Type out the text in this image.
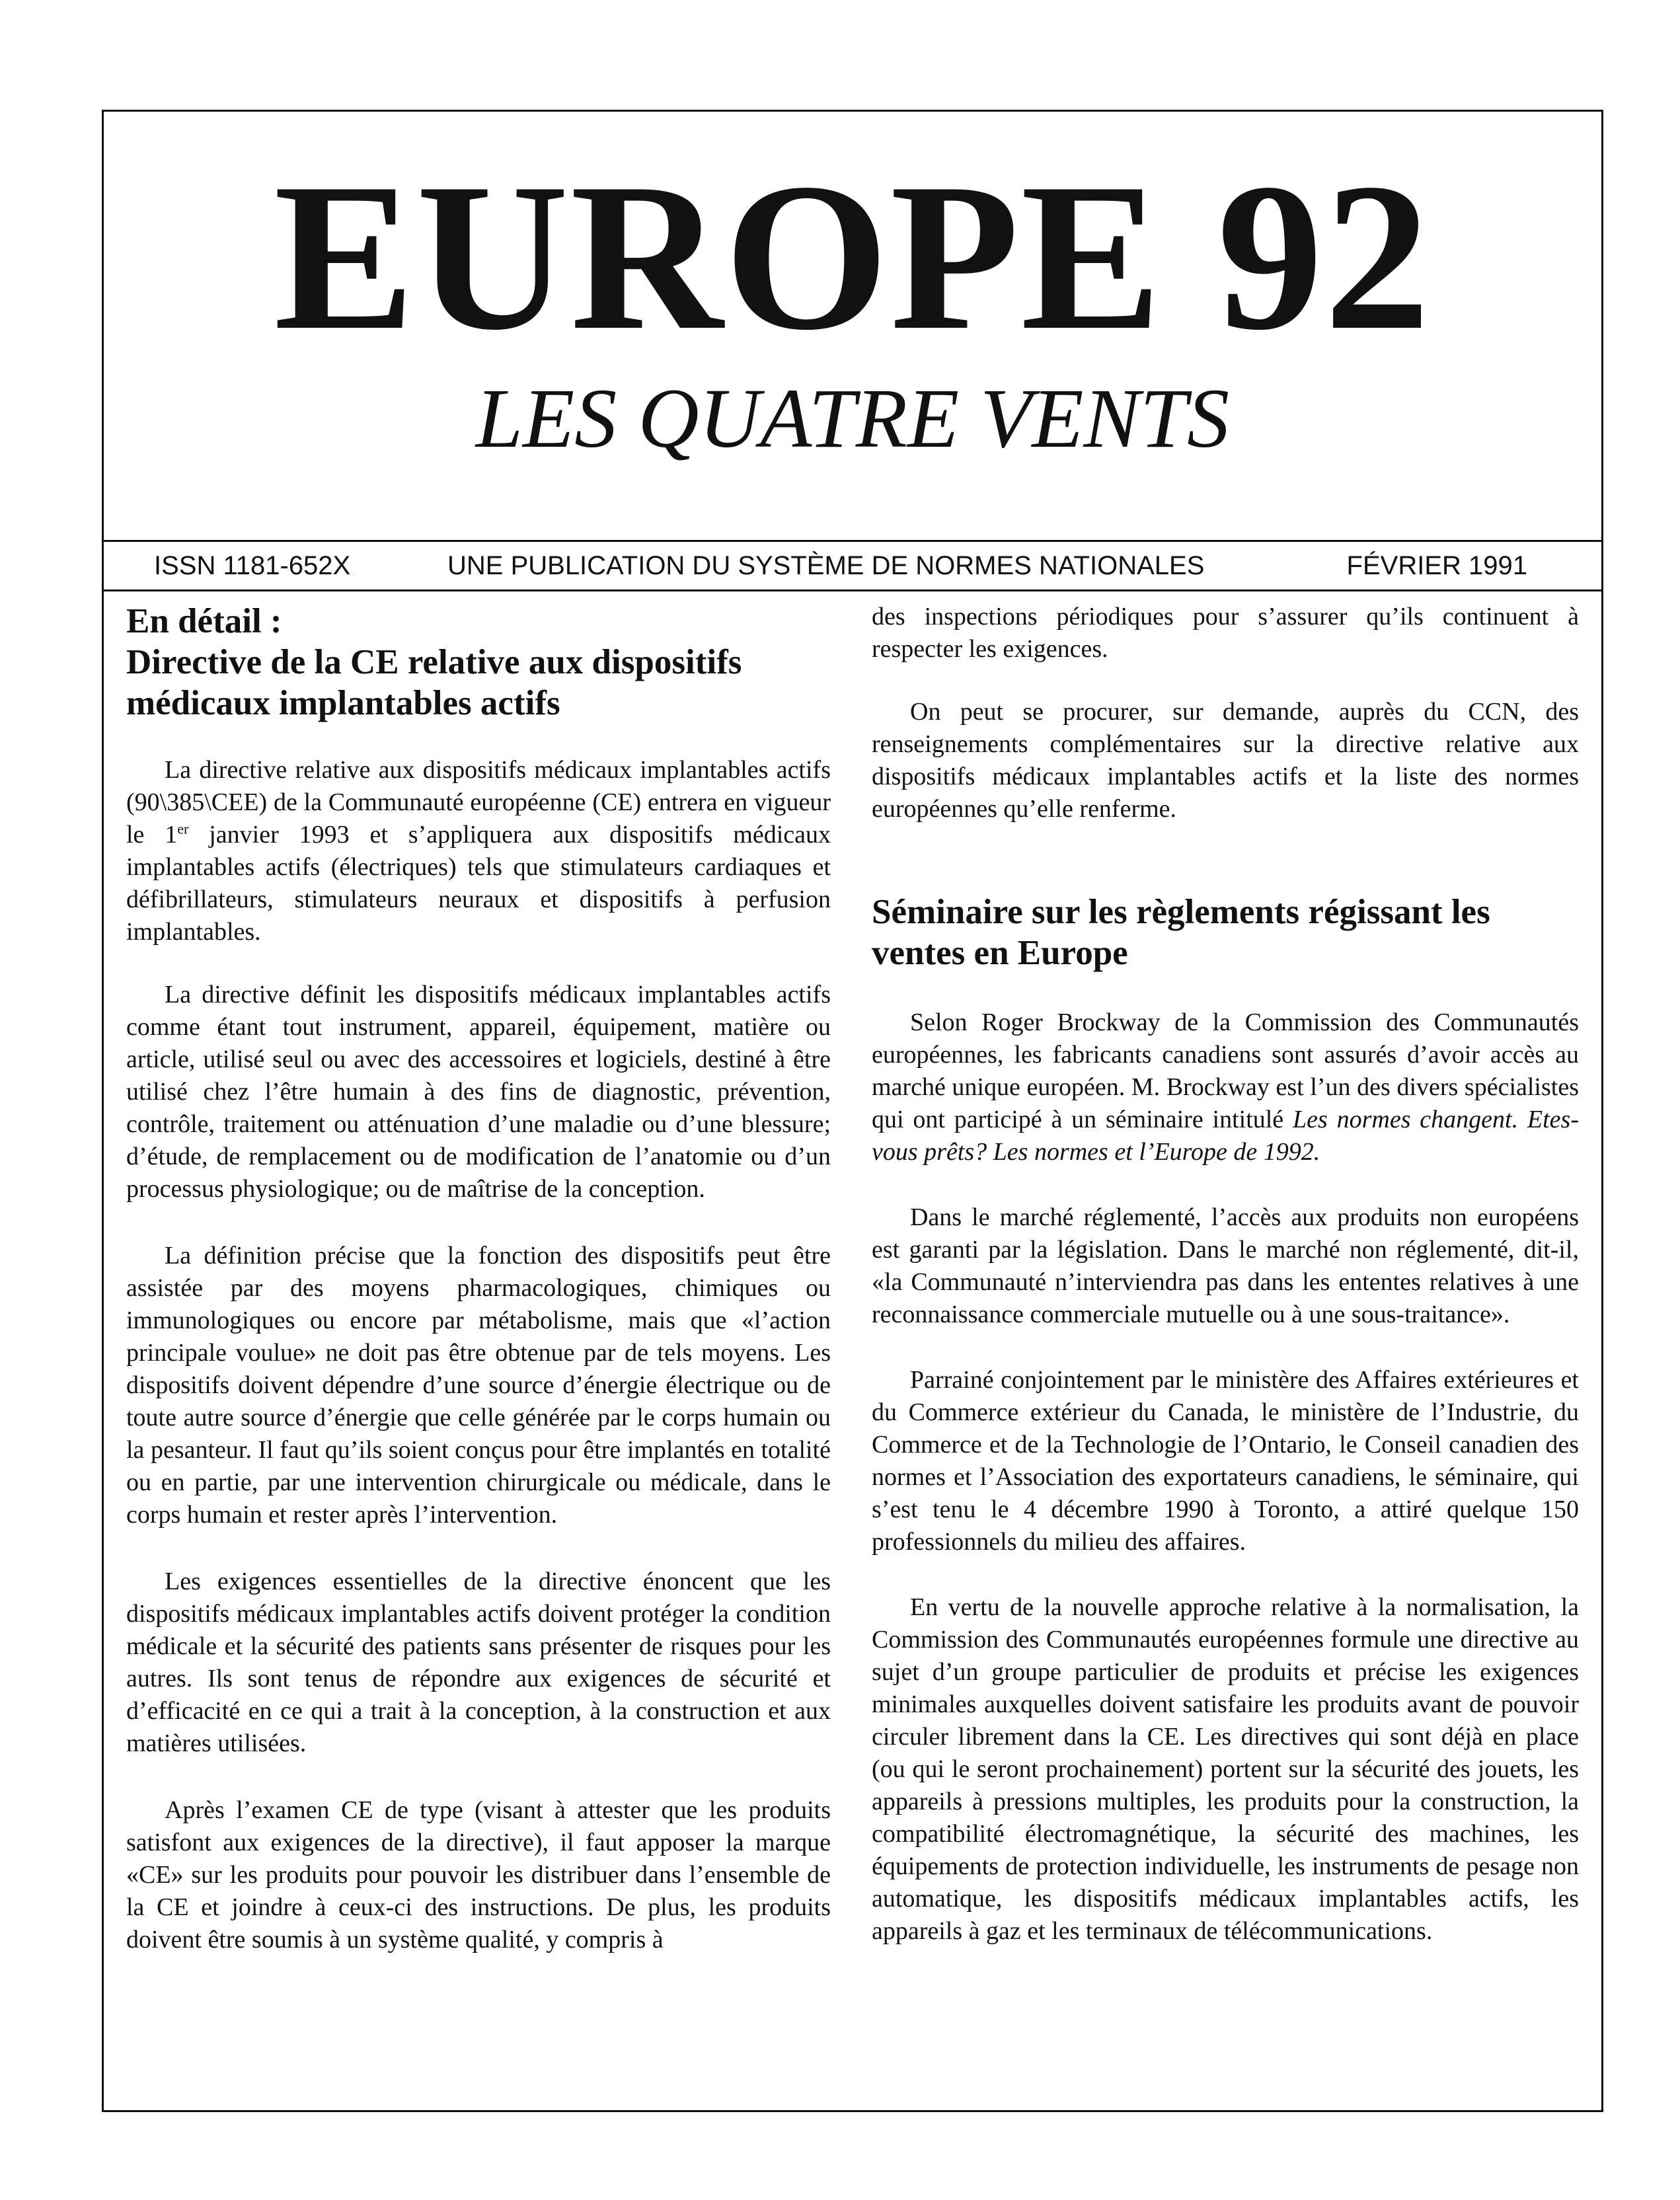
EUROPE 92
LES QUATRE VENTS
ISSN 1181-652X	UNE PUBLICATION DU SYSTÈME DE NORMES NATIONALES	FÉVRIER 1991
En détail :
Directive de la CE relative aux dispositifs médicaux implantables actifs

La directive relative aux dispositifs médicaux implantables actifs (90\385\CEE) de la Communauté européenne (CE) entrera en vigueur le 1er janvier 1993 et s’appliquera aux dispositifs médicaux implantables actifs (électriques) tels que stimulateurs cardiaques et défibrillateurs, stimulateurs neuraux et dispositifs à perfusion implantables.

La directive définit les dispositifs médicaux implantables actifs comme étant tout instrument, appareil, équipement, matière ou article, utilisé seul ou avec des accessoires et logiciels, destiné à être utilisé chez l’être humain à des fins de diagnostic, prévention, contrôle, traitement ou atténuation d’une maladie ou d’une blessure; d’étude, de remplacement ou de modification de l’anatomie ou d’un processus physiologique; ou de maîtrise de la conception.

La définition précise que la fonction des dispositifs peut être assistée par des moyens pharmacologiques, chimiques ou immunologiques ou encore par métabolisme, mais que «l’action principale voulue» ne doit pas être obtenue par de tels moyens. Les dispositifs doivent dépendre d’une source d’énergie électrique ou de toute autre source d’énergie que celle générée par le corps humain ou la pesanteur. Il faut qu’ils soient conçus pour être implantés en totalité ou en partie, par une intervention chirurgicale ou médicale, dans le corps humain et rester après l’intervention.

Les exigences essentielles de la directive énoncent que les dispositifs médicaux implantables actifs doivent protéger la condition médicale et la sécurité des patients sans présenter de risques pour les autres. Ils sont tenus de répondre aux exigences de sécurité et d’efficacité en ce qui a trait à la conception, à la construction et aux matières utilisées.

Après l’examen CE de type (visant à attester que les produits satisfont aux exigences de la directive), il faut apposer la marque «CE» sur les produits pour pouvoir les distribuer dans l’ensemble de la CE et joindre à ceux-ci des instructions. De plus, les produits doivent être soumis à un système qualité, y compris à

des inspections périodiques pour s’assurer qu’ils continuent à respecter les exigences.

On peut se procurer, sur demande, auprès du CCN, des renseignements complémentaires sur la directive relative aux dispositifs médicaux implantables actifs et la liste des normes européennes qu’elle renferme.

Séminaire sur les règlements régissant les ventes en Europe

Selon Roger Brockway de la Commission des Communautés européennes, les fabricants canadiens sont assurés d’avoir accès au marché unique européen. M. Brockway est l’un des divers spécialistes qui ont participé à un séminaire intitulé Les normes changent. Etes-vous prêts? Les normes et l’Europe de 1992.

Dans le marché réglementé, l’accès aux produits non européens est garanti par la législation. Dans le marché non réglementé, dit-il, «la Communauté n’interviendra pas dans les ententes relatives à une reconnaissance commerciale mutuelle ou à une sous-traitance».

Parrainé conjointement par le ministère des Affaires extérieures et du Commerce extérieur du Canada, le ministère de l’Industrie, du Commerce et de la Technologie de l’Ontario, le Conseil canadien des normes et l’Association des exportateurs canadiens, le séminaire, qui s’est tenu le 4 décembre 1990 à Toronto, a attiré quelque 150 professionnels du milieu des affaires.

En vertu de la nouvelle approche relative à la normalisation, la Commission des Communautés européennes formule une directive au sujet d’un groupe particulier de produits et précise les exigences minimales auxquelles doivent satisfaire les produits avant de pouvoir circuler librement dans la CE. Les directives qui sont déjà en place (ou qui le seront prochainement) portent sur la sécurité des jouets, les appareils à pressions multiples, les produits pour la construction, la compatibilité électromagnétique, la sécurité des machines, les équipements de protection individuelle, les instruments de pesage non automatique, les dispositifs médicaux implantables actifs, les appareils à gaz et les terminaux de télécommunications.
